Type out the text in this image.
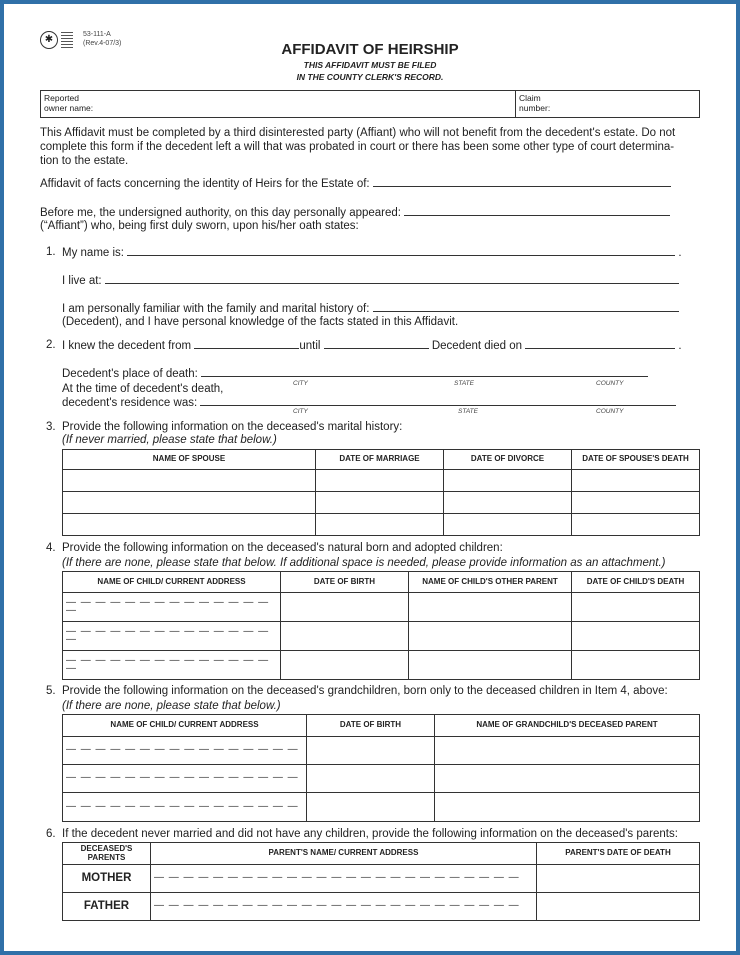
✱	53-111-A
(Rev.4-07/3)	AFFIDAVIT OF HEIRSHIP
THIS AFFIDAVIT MUST BE FILED
IN THE COUNTY CLERK'S RECORD.
Reported
owner name:
Claim
number:
This Affidavit must be completed by a third disinterested party (Affiant) who will not benefit from the decedent's estate. Do not
complete this form if the decedent left a will that was probated in court or there has been some other type of court determina-
tion to the estate.
Affidavit of facts concerning the identity of Heirs for the Estate of:
Before me, the undersigned authority, on this day personally appeared:
(“Affiant”) who, being first duly sworn, upon his/her oath states:
1. My name is:	.
I live at:
I am personally familiar with the family and marital history of:
(Decedent), and I have personal knowledge of the facts stated in this Affidavit.
2. I knew the decedent from	until	Decedent died on	.
Decedent's place of death:
CITY	STATE	COUNTY
At the time of decedent's death,
decedent's residence was:
CITY	STATE	COUNTY
3. Provide the following information on the deceased's marital history:
(If never married, please state that below.)
NAME OF SPOUSE	DATE OF MARRIAGE	DATE OF DIVORCE	DATE OF SPOUSE'S DEATH

4. Provide the following information on the deceased's natural born and adopted children:
(If there are none, please state that below. If additional space is needed, please provide information as an attachment.)
NAME OF CHILD/ CURRENT ADDRESS	DATE OF BIRTH	NAME OF CHILD'S OTHER PARENT	DATE OF CHILD'S DEATH
— — — — — — — — — — — — — — —			
— — — — — — — — — — — — — — —			
— — — — — — — — — — — — — — —			
5. Provide the following information on the deceased's grandchildren, born only to the deceased children in Item 4, above:
(If there are none, please state that below.)
NAME OF CHILD/ CURRENT ADDRESS	DATE OF BIRTH	NAME OF GRANDCHILD'S DECEASED PARENT
— — — — — — — — — — — — — — — —		
— — — — — — — — — — — — — — — —		
— — — — — — — — — — — — — — — —		
6. If the decedent never married and did not have any children, provide the following information on the deceased's parents:
DECEASED'S PARENTS	PARENT'S NAME/ CURRENT ADDRESS	PARENT'S DATE OF DEATH
MOTHER	— — — — — — — — — — — — — — — — — — — — — — — — —	
FATHER	— — — — — — — — — — — — — — — — — — — — — — — — —	
